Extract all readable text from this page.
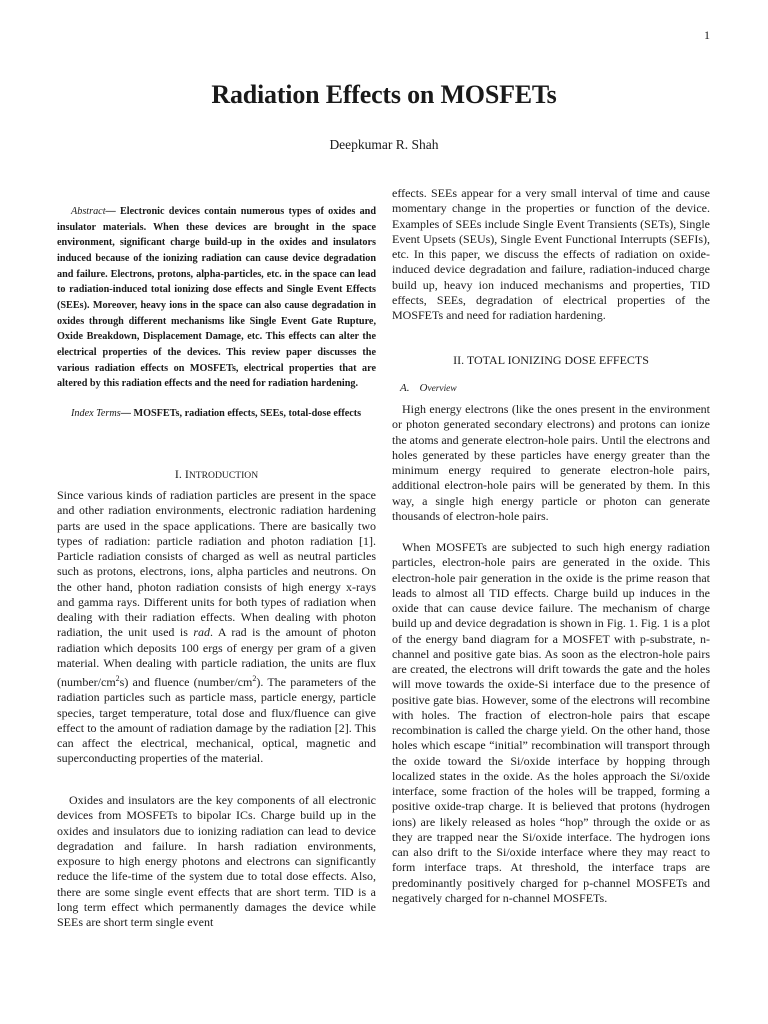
1
Radiation Effects on MOSFETs
Deepkumar R. Shah
Abstract— Electronic devices contain numerous types of oxides and insulator materials. When these devices are brought in the space environment, significant charge build-up in the oxides and insulators induced because of the ionizing radiation can cause device degradation and failure. Electrons, protons, alpha-particles, etc. in the space can lead to radiation-induced total ionizing dose effects and Single Event Effects (SEEs). Moreover, heavy ions in the space can also cause degradation in oxides through different mechanisms like Single Event Gate Rupture, Oxide Breakdown, Displacement Damage, etc. This effects can alter the electrical properties of the devices. This review paper discusses the various radiation effects on MOSFETs, electrical properties that are altered by this radiation effects and the need for radiation hardening.
Index Terms— MOSFETs, radiation effects, SEEs, total-dose effects
I. INTRODUCTION
Since various kinds of radiation particles are present in the space and other radiation environments, electronic radiation hardening parts are used in the space applications. There are basically two types of radiation: particle radiation and photon radiation [1]. Particle radiation consists of charged as well as neutral particles such as protons, electrons, ions, alpha particles and neutrons. On the other hand, photon radiation consists of high energy x-rays and gamma rays. Different units for both types of radiation when dealing with their radiation effects. When dealing with photon radiation, the unit used is rad. A rad is the amount of photon radiation which deposits 100 ergs of energy per gram of a given material. When dealing with particle radiation, the units are flux $(number/cm^2s)$ and fluence $(number/cm^2)$. The parameters of the radiation particles such as particle mass, particle energy, particle species, target temperature, total dose and flux/fluence can give effect to the amount of radiation damage by the radiation [2]. This can affect the electrical, mechanical, optical, magnetic and superconducting properties of the material.
Oxides and insulators are the key components of all electronic devices from MOSFETs to bipolar ICs. Charge build up in the oxides and insulators due to ionizing radiation can lead to device degradation and failure. In harsh radiation environments, exposure to high energy photons and electrons can significantly reduce the life-time of the system due to total dose effects. Also, there are some single event effects that are short term. TID is a long term effect which permanently damages the device while SEEs are short term single event
effects. SEEs appear for a very small interval of time and cause momentary change in the properties or function of the device. Examples of SEEs include Single Event Transients (SETs), Single Event Upsets (SEUs), Single Event Functional Interrupts (SEFIs), etc. In this paper, we discuss the effects of radiation on oxide-induced device degradation and failure, radiation-induced charge build up, heavy ion induced mechanisms and properties, TID effects, SEEs, degradation of electrical properties of the MOSFETs and need for radiation hardening.
II. TOTAL IONIZING DOSE EFFECTS
A. Overview
High energy electrons (like the ones present in the environment or photon generated secondary electrons) and protons can ionize the atoms and generate electron-hole pairs. Until the electrons and holes generated by these particles have energy greater than the minimum energy required to generate electron-hole pairs, additional electron-hole pairs will be generated by them. In this way, a single high energy particle or photon can generate thousands of electron-hole pairs.
When MOSFETs are subjected to such high energy radiation particles, electron-hole pairs are generated in the oxide. This electron-hole pair generation in the oxide is the prime reason that leads to almost all TID effects. Charge build up induces in the oxide that can cause device failure. The mechanism of charge build up and device degradation is shown in Fig. 1. Fig. 1 is a plot of the energy band diagram for a MOSFET with p-substrate, n-channel and positive gate bias. As soon as the electron-hole pairs are created, the electrons will drift towards the gate and the holes will move towards the oxide-Si interface due to the presence of positive gate bias. However, some of the electrons will recombine with holes. The fraction of electron-hole pairs that escape recombination is called the charge yield. On the other hand, those holes which escape “initial” recombination will transport through the oxide toward the Si/oxide interface by hopping through localized states in the oxide. As the holes approach the Si/oxide interface, some fraction of the holes will be trapped, forming a positive oxide-trap charge. It is believed that protons (hydrogen ions) are likely released as holes “hop” through the oxide or as they are trapped near the Si/oxide interface. The hydrogen ions can also drift to the Si/oxide interface where they may react to form interface traps. At threshold, the interface traps are predominantly positively charged for p-channel MOSFETs and negatively charged for n-channel MOSFETs.
